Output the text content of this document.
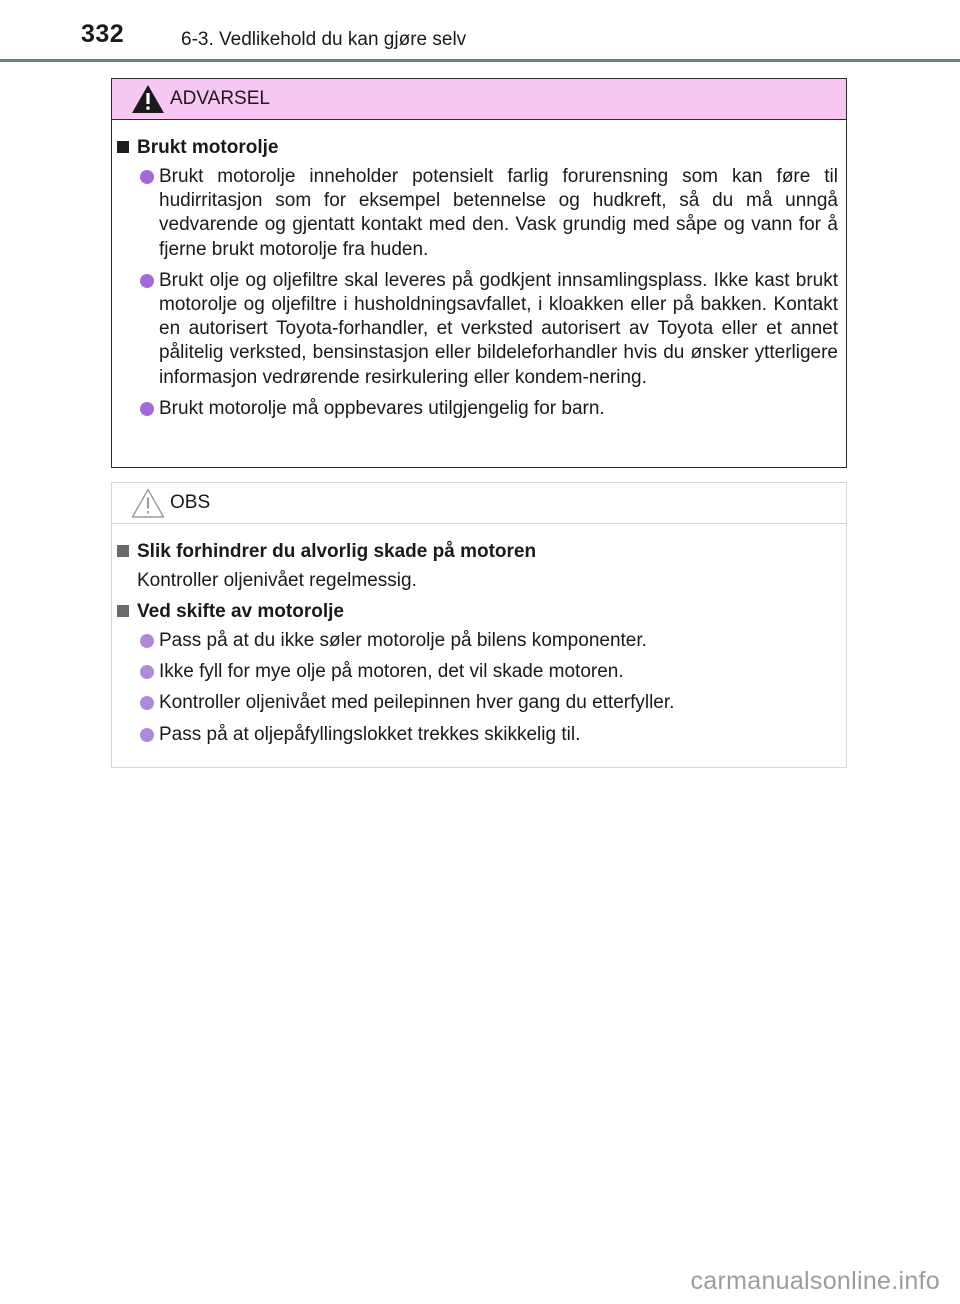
332	6-3. Vedlikehold du kan gjøre selv
ADVARSEL
Brukt motorolje
Brukt motorolje inneholder potensielt farlig forurensning som kan føre til hudirritasjon som for eksempel betennelse og hudkreft, så du må unngå vedvarende og gjentatt kontakt med den. Vask grundig med såpe og vann for å fjerne brukt motorolje fra huden.
Brukt olje og oljefiltre skal leveres på godkjent innsamlingsplass. Ikke kast brukt motorolje og oljefiltre i husholdningsavfallet, i kloakken eller på bakken. Kontakt en autorisert Toyota-forhandler, et verksted autorisert av Toyota eller et annet pålitelig verksted, bensinstasjon eller bildeleforhandler hvis du ønsker ytterligere informasjon vedrørende resirkulering eller kondem-nering.
Brukt motorolje må oppbevares utilgjengelig for barn.
OBS
Slik forhindrer du alvorlig skade på motoren
Kontroller oljenivået regelmessig.
Ved skifte av motorolje
Pass på at du ikke søler motorolje på bilens komponenter.
Ikke fyll for mye olje på motoren, det vil skade motoren.
Kontroller oljenivået med peilepinnen hver gang du etterfyller.
Pass på at oljepåfyllingslokket trekkes skikkelig til.
carmanualsonline.info
